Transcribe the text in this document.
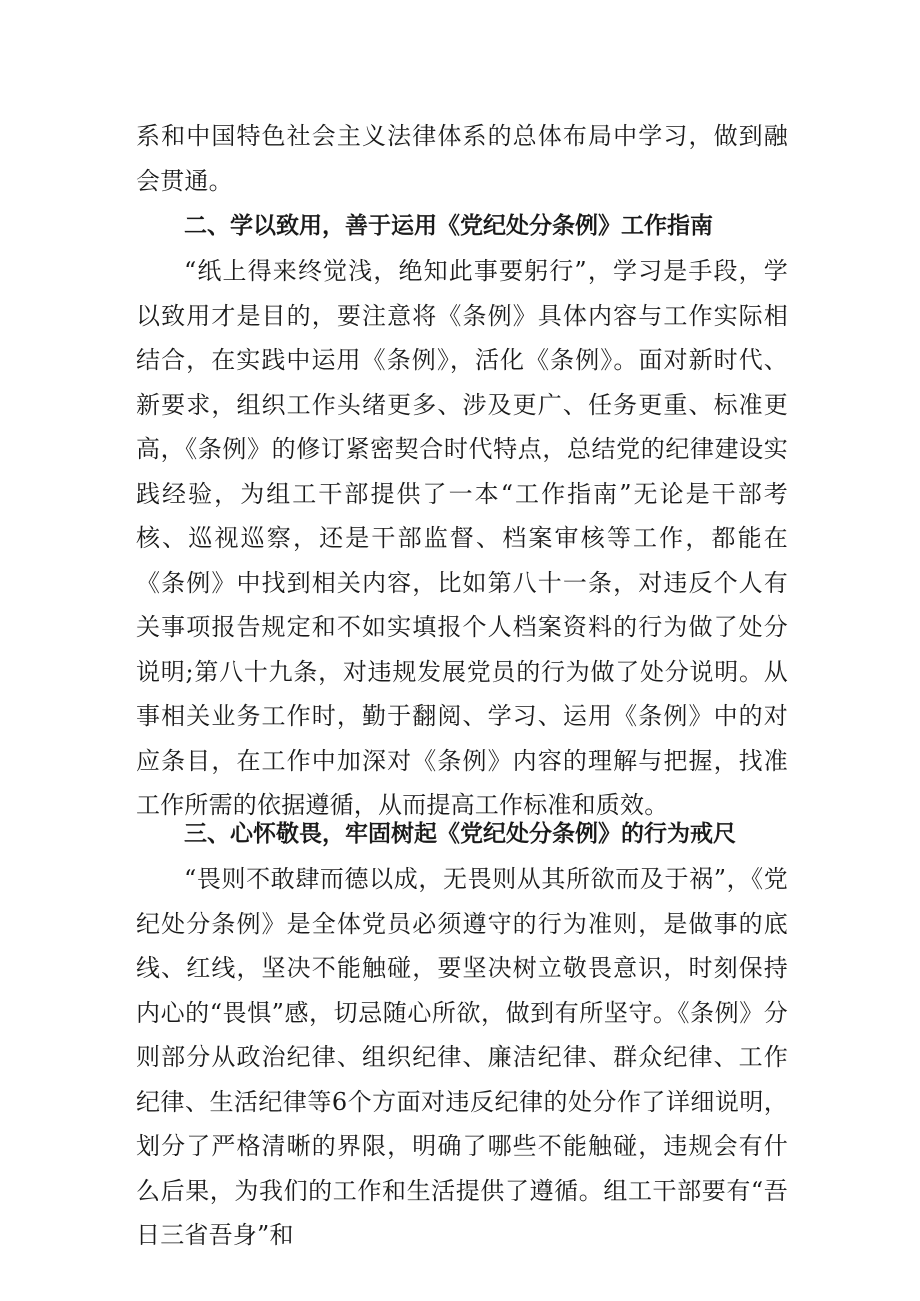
系和中国特色社会主义法律体系的总体布局中学习，做到融会贯通。

二、学以致用，善于运用《党纪处分条例》工作指南

“纸上得来终觉浅，绝知此事要躬行”，学习是手段，学以致用才是目的，要注意将《条例》具体内容与工作实际相结合，在实践中运用《条例》，活化《条例》。面对新时代、新要求，组织工作头绪更多、涉及更广、任务更重、标准更高，《条例》的修订紧密契合时代特点，总结党的纪律建设实践经验，为组工干部提供了一本“工作指南”无论是干部考核、巡视巡察，还是干部监督、档案审核等工作，都能在《条例》中找到相关内容，比如第八十一条，对违反个人有关事项报告规定和不如实填报个人档案资料的行为做了处分说明;第八十九条，对违规发展党员的行为做了处分说明。从事相关业务工作时，勤于翻阅、学习、运用《条例》中的对应条目，在工作中加深对《条例》内容的理解与把握，找准工作所需的依据遵循，从而提高工作标准和质效。

三、心怀敬畏，牢固树起《党纪处分条例》的行为戒尺

“畏则不敢肆而德以成，无畏则从其所欲而及于祸”，《党纪处分条例》是全体党员必须遵守的行为准则，是做事的底线、红线，坚决不能触碰，要坚决树立敬畏意识，时刻保持内心的“畏惧”感，切忌随心所欲，做到有所坚守。《条例》分则部分从政治纪律、组织纪律、廉洁纪律、群众纪律、工作纪律、生活纪律等6个方面对违反纪律的处分作了详细说明，划分了严格清晰的界限，明确了哪些不能触碰，违规会有什么后果，为我们的工作和生活提供了遵循。组工干部要有“吾日三省吾身”和
